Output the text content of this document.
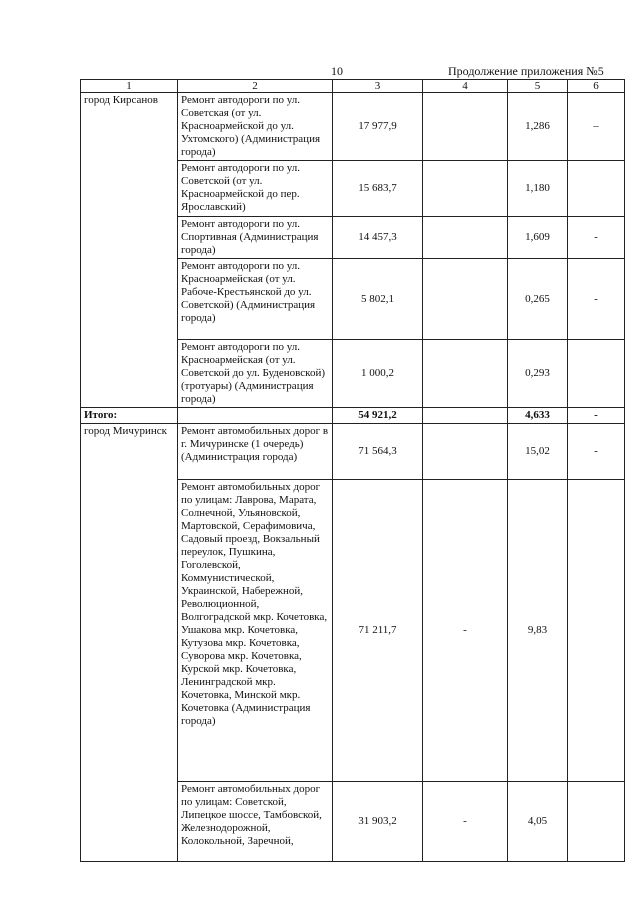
10	Продолжение приложения №5
1	2	3	4	5	6
город Кирсанов	Ремонт автодороги по ул. Советская (от ул. Красноармейской до ул. Ухтомского) (Администрация города)	17 977,9		1,286	–
	Ремонт автодороги по ул. Советской (от ул. Красноармейской до пер. Ярославский)	15 683,7		1,180	
	Ремонт автодороги по ул. Спортивная (Администрация города)	14 457,3		1,609	-
	Ремонт автодороги по ул. Красноармейская (от ул. Рабоче-Крестьянской до ул. Советской) (Администрация города)	5 802,1		0,265	-
	Ремонт автодороги по ул. Красноармейская (от ул. Советской до ул. Буденовской) (тротуары) (Администрация города)	1 000,2		0,293	
Итого:		54 921,2		4,633	-
город Мичуринск	Ремонт автомобильных дорог в г. Мичуринске (1 очередь) (Администрация города)	71 564,3		15,02	-
	Ремонт автомобильных дорог по улицам: Лаврова, Марата, Солнечной, Ульяновской, Мартовской, Серафимовича, Садовый проезд, Вокзальный переулок, Пушкина, Гоголевской, Коммунистической, Украинской, Набережной, Революционной, Волгоградской мкр. Кочетовка, Ушакова мкр. Кочетовка, Кутузова мкр. Кочетовка, Суворова мкр. Кочетовка, Курской мкр. Кочетовка, Ленинградской мкр. Кочетовка, Минской мкр. Кочетовка (Администрация города)	71 211,7	-	9,83	
	Ремонт автомобильных дорог по улицам: Советской, Липецкое шоссе, Тамбовской, Железнодорожной, Колокольной, Заречной,	31 903,2	-	4,05	
